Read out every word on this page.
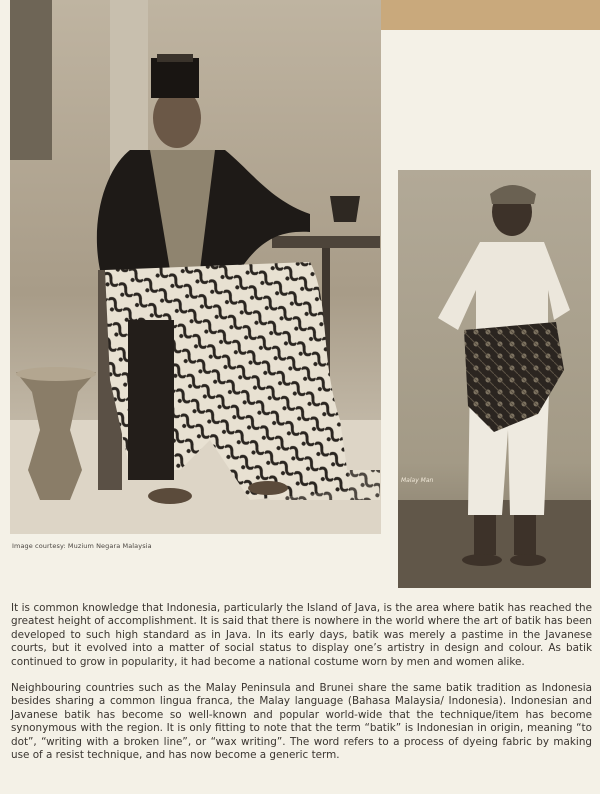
Image courtesy: Muzium Negara Malaysia
Malay Man

It is common knowledge that Indonesia, particularly the Island of Java, is the area where batik has reached the greatest height of accomplishment. It is said that there is nowhere in the world where the art of batik has been developed to such high standard as in Java. In its early days, batik was merely a pastime in the Javanese courts, but it evolved into a matter of social status to display one’s artistry in design and colour. As batik continued to grow in popularity, it had become a national costume worn by men and women alike.

Neighbouring countries such as the Malay Peninsula and Brunei share the same batik tradition as Indonesia besides sharing a common lingua franca, the Malay language (Bahasa Malaysia/ Indonesia). Indonesian and Javanese batik has become so well-known and popular world-wide that the technique/item has become synonymous with the region. It is only fitting to note that the term “batik” is Indonesian in origin, meaning “to dot”, “writing with a broken line”, or “wax writing”. The word refers to a process of dyeing fabric by making use of a resist technique, and has now become a generic term.
